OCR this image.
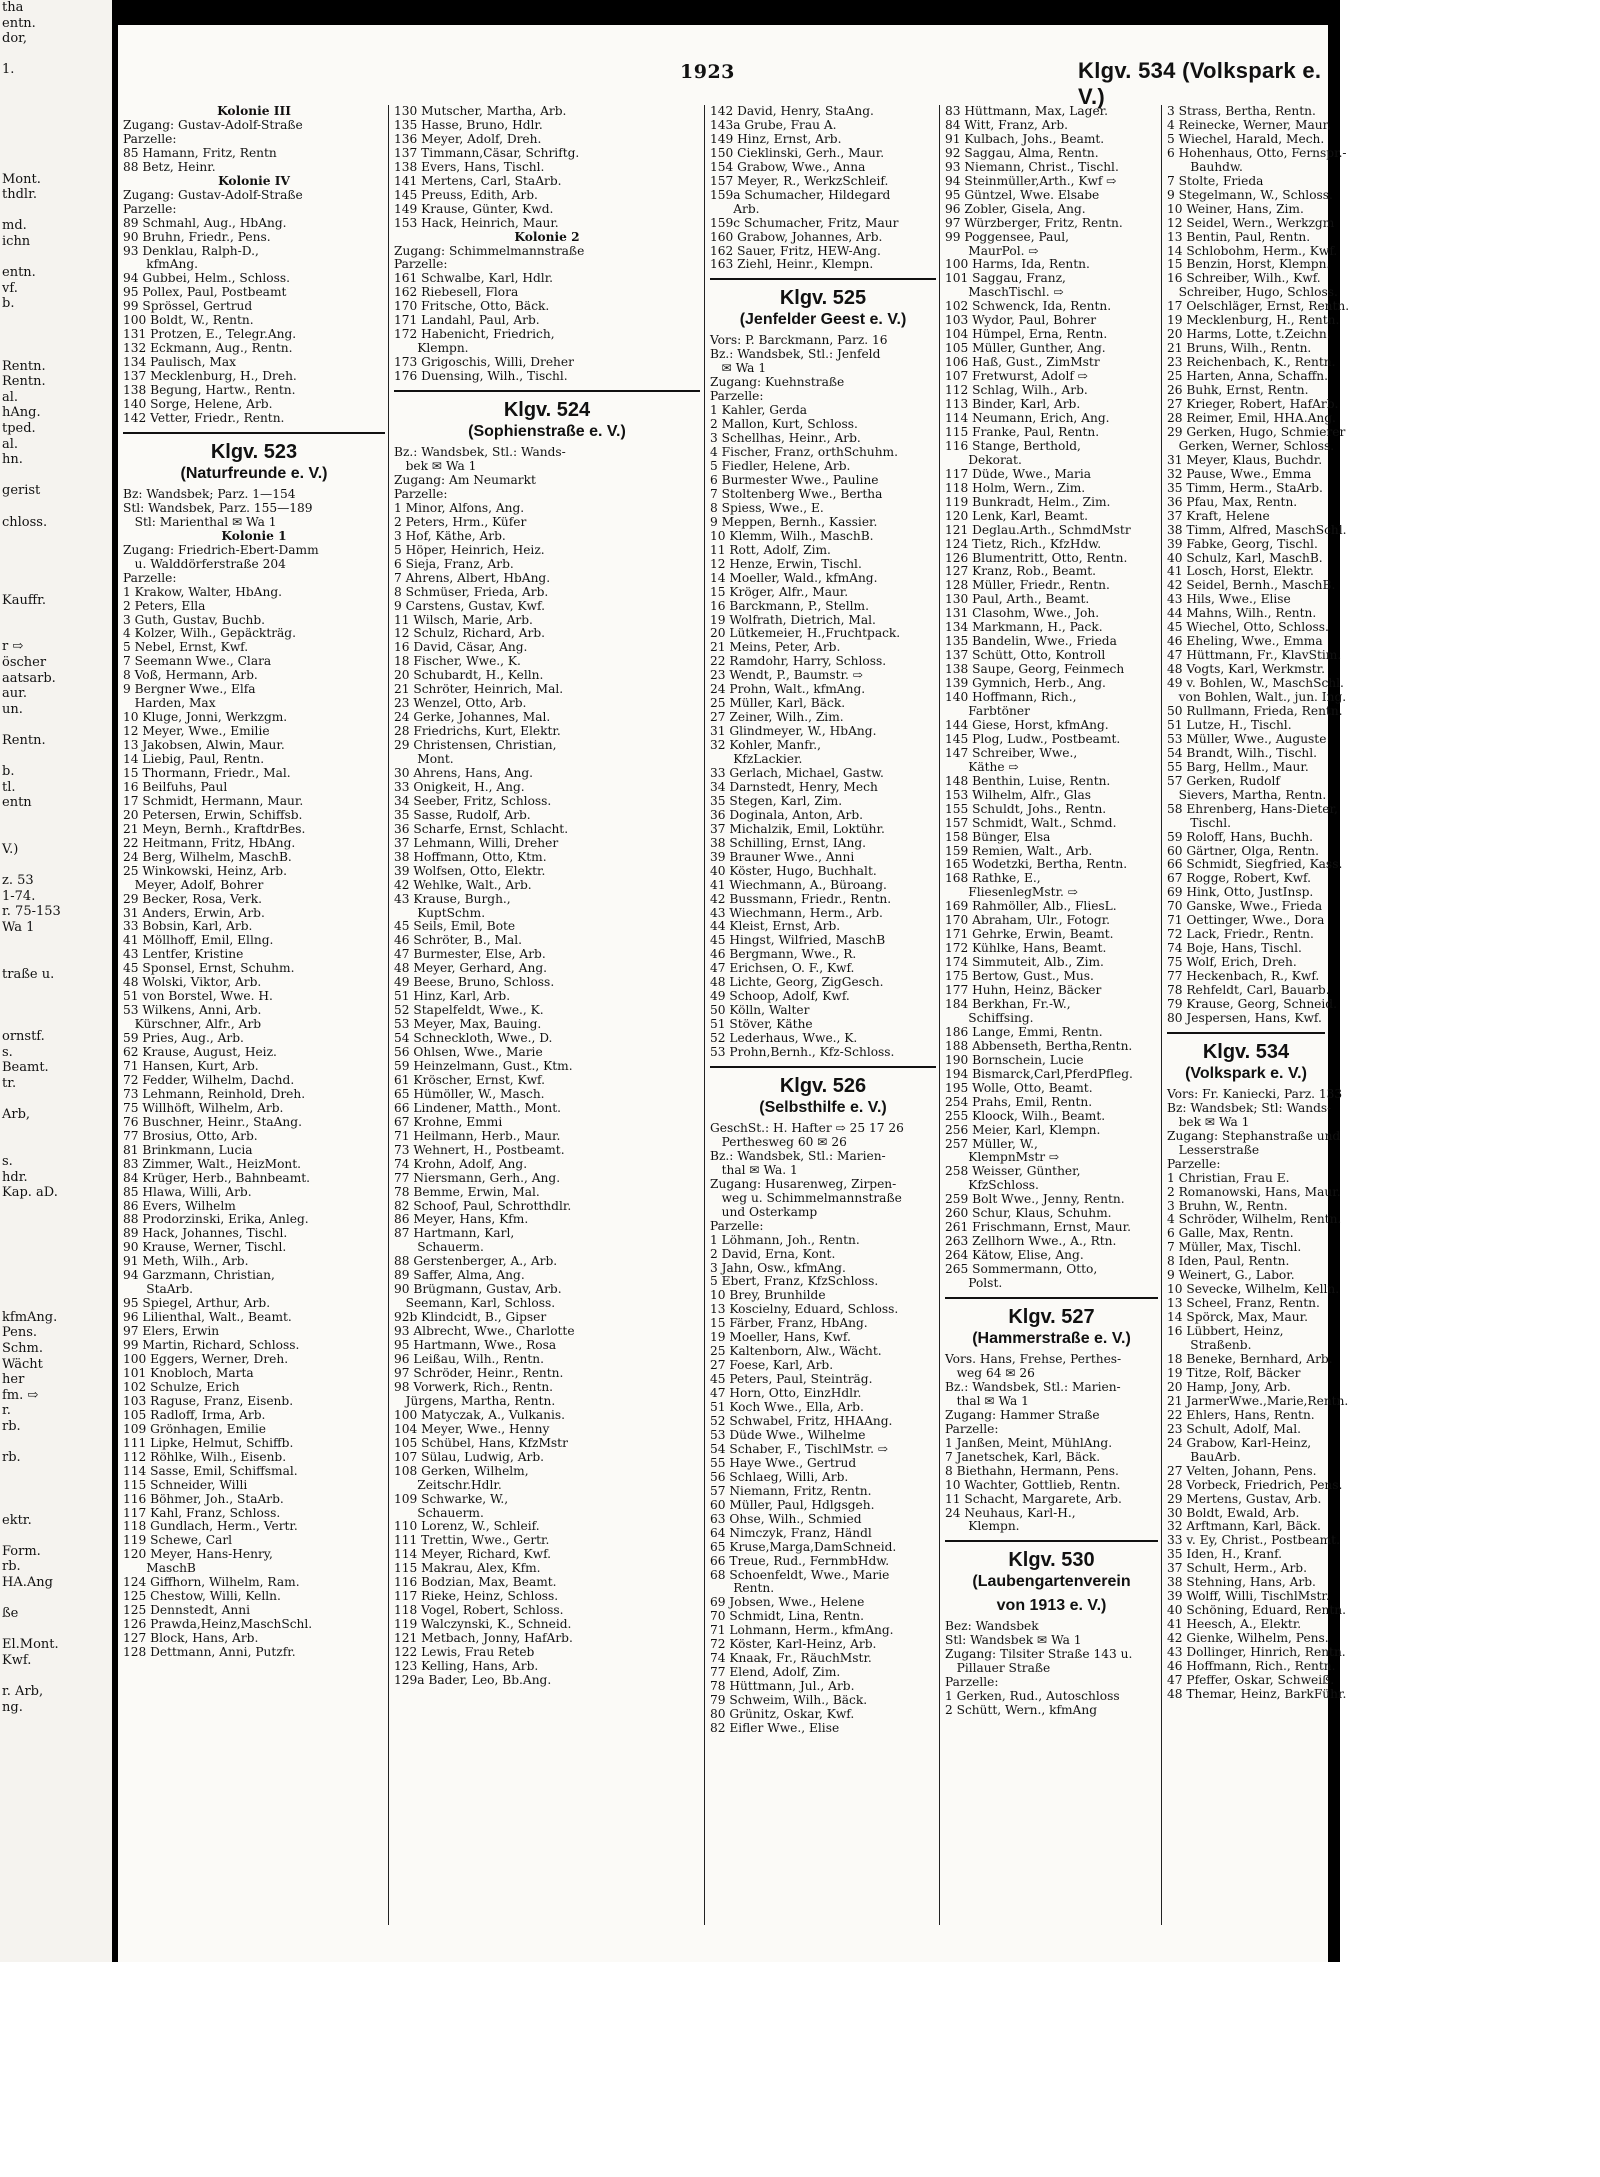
tha
entn.
dor,

1.

Mont.
thdlr.

md.
ichn

entn.
vf.
b.

Rentn.
Rentn.
al.
hAng.
tped.
al.
hn.

gerist

chloss.

Kauffr.

r ⇨
öscher
aatsarb.
aur.
un.

Rentn.

b.
tl.
entn

V.)

z. 53
1-74.
r. 75-153
Wa 1

traße u.

ornstf.
s.
Beamt.
tr.

Arb,

s.
hdr.
Kap. aD.

kfmAng.
Pens.
Schm.
Wächt
her
fm. ⇨
r.
rb.

rb.

ektr.

Form.
rb.
HA.Ang

ße

El.Mont.
Kwf.

r. Arb,
ng.
1923	Klgv. 534 (Volkspark e. V.)
Kolonie III
Zugang: Gustav-Adolf-Straße
Parzelle:
85 Hamann, Fritz, Rentn
88 Betz, Heinr.
Kolonie IV
Zugang: Gustav-Adolf-Straße
Parzelle:
89 Schmahl, Aug., HbAng.
90 Bruhn, Friedr., Pens.
93 Denklau, Ralph-D.,
kfmAng.
94 Gubbei, Helm., Schloss.
95 Pollex, Paul, Postbeamt
99 Sprössel, Gertrud
100 Boldt, W., Rentn.
131 Protzen, E., Telegr.Ang.
132 Eckmann, Aug., Rentn.
134 Paulisch, Max
137 Mecklenburg, H., Dreh.
138 Begung, Hartw., Rentn.
140 Sorge, Helene, Arb.
142 Vetter, Friedr., Rentn.
Klgv. 523
(Naturfreunde e. V.)
Bz: Wandsbek; Parz. 1—154
Stl: Wandsbek, Parz. 155—189
Stl: Marienthal ✉ Wa 1
Kolonie 1
Zugang: Friedrich-Ebert-Damm
u. Walddörferstraße 204
Parzelle:
1 Krakow, Walter, HbAng.
2 Peters, Ella
3 Guth, Gustav, Buchb.
4 Kolzer, Wilh., Gepäckträg.
5 Nebel, Ernst, Kwf.
7 Seemann Wwe., Clara
8 Voß, Hermann, Arb.
9 Bergner Wwe., Elfa
Harden, Max
10 Kluge, Jonni, Werkzgm.
12 Meyer, Wwe., Emilie
13 Jakobsen, Alwin, Maur.
14 Liebig, Paul, Rentn.
15 Thormann, Friedr., Mal.
16 Beilfuhs, Paul
17 Schmidt, Hermann, Maur.
20 Petersen, Erwin, Schiffsb.
21 Meyn, Bernh., KraftdrBes.
22 Heitmann, Fritz, HbAng.
24 Berg, Wilhelm, MaschB.
25 Winkowski, Heinz, Arb.
Meyer, Adolf, Bohrer
29 Becker, Rosa, Verk.
31 Anders, Erwin, Arb.
33 Bobsin, Karl, Arb.
41 Möllhoff, Emil, Ellng.
43 Lentfer, Kristine
45 Sponsel, Ernst, Schuhm.
48 Wolski, Viktor, Arb.
51 von Borstel, Wwe. H.
53 Wilkens, Anni, Arb.
Kürschner, Alfr., Arb
59 Pries, Aug., Arb.
62 Krause, August, Heiz.
71 Hansen, Kurt, Arb.
72 Fedder, Wilhelm, Dachd.
73 Lehmann, Reinhold, Dreh.
75 Willhöft, Wilhelm, Arb.
76 Buschner, Heinr., StaAng.
77 Brosius, Otto, Arb.
81 Brinkmann, Lucia
83 Zimmer, Walt., HeizMont.
84 Krüger, Herb., Bahnbeamt.
85 Hlawa, Willi, Arb.
86 Evers, Wilhelm
88 Prodorzinski, Erika, Anleg.
89 Hack, Johannes, Tischl.
90 Krause, Werner, Tischl.
91 Meth, Wilh., Arb.
94 Garzmann, Christian,
StaArb.
95 Spiegel, Arthur, Arb.
96 Lilienthal, Walt., Beamt.
97 Elers, Erwin
99 Martin, Richard, Schloss.
100 Eggers, Werner, Dreh.
101 Knobloch, Marta
102 Schulze, Erich
103 Raguse, Franz, Eisenb.
105 Radloff, Irma, Arb.
109 Grönhagen, Emilie
111 Lipke, Helmut, Schiffb.
112 Röhlke, Wilh., Eisenb.
114 Sasse, Emil, Schiffsmal.
115 Schneider, Willi
116 Böhmer, Joh., StaArb.
117 Kahl, Franz, Schloss.
118 Gundlach, Herm., Vertr.
119 Schewe, Carl
120 Meyer, Hans-Henry,
MaschB
124 Giffhorn, Wilhelm, Ram.
125 Chestow, Willi, Kelln.
125 Dennstedt, Anni
126 Prawda,Heinz,MaschSchl.
127 Block, Hans, Arb.
128 Dettmann, Anni, Putzfr.
130 Mutscher, Martha, Arb.
135 Hasse, Bruno, Hdlr.
136 Meyer, Adolf, Dreh.
137 Timmann,Cäsar, Schriftg.
138 Evers, Hans, Tischl.
141 Mertens, Carl, StaArb.
145 Preuss, Edith, Arb.
149 Krause, Günter, Kwd.
153 Hack, Heinrich, Maur.
Kolonie 2
Zugang: Schimmelmannstraße
Parzelle:
161 Schwalbe, Karl, Hdlr.
162 Riebesell, Flora
170 Fritsche, Otto, Bäck.
171 Landahl, Paul, Arb.
172 Habenicht, Friedrich,
Klempn.
173 Grigoschis, Willi, Dreher
176 Duensing, Wilh., Tischl.
Klgv. 524
(Sophienstraße e. V.)
Bz.: Wandsbek, Stl.: Wands-
bek ✉ Wa 1
Zugang: Am Neumarkt
Parzelle:
1 Minor, Alfons, Ang.
2 Peters, Hrm., Küfer
3 Hof, Käthe, Arb.
5 Höper, Heinrich, Heiz.
6 Sieja, Franz, Arb.
7 Ahrens, Albert, HbAng.
8 Schmüser, Frieda, Arb.
9 Carstens, Gustav, Kwf.
11 Wilsch, Marie, Arb.
12 Schulz, Richard, Arb.
16 David, Cäsar, Ang.
18 Fischer, Wwe., K.
20 Schubardt, H., Kelln.
21 Schröter, Heinrich, Mal.
23 Wenzel, Otto, Arb.
24 Gerke, Johannes, Mal.
28 Friedrichs, Kurt, Elektr.
29 Christensen, Christian,
Mont.
30 Ahrens, Hans, Ang.
33 Onigkeit, H., Ang.
34 Seeber, Fritz, Schloss.
35 Sasse, Rudolf, Arb.
36 Scharfe, Ernst, Schlacht.
37 Lehmann, Willi, Dreher
38 Hoffmann, Otto, Ktm.
39 Wolfsen, Otto, Elektr.
42 Wehlke, Walt., Arb.
43 Krause, Burgh.,
KuptSchm.
45 Seils, Emil, Bote
46 Schröter, B., Mal.
47 Burmester, Else, Arb.
48 Meyer, Gerhard, Ang.
49 Beese, Bruno, Schloss.
51 Hinz, Karl, Arb.
52 Stapelfeldt, Wwe., K.
53 Meyer, Max, Bauing.
54 Schneckloth, Wwe., D.
56 Ohlsen, Wwe., Marie
59 Heinzelmann, Gust., Ktm.
61 Kröscher, Ernst, Kwf.
65 Hümöller, W., Masch.
66 Lindener, Matth., Mont.
67 Krohne, Emmi
71 Heilmann, Herb., Maur.
73 Wehnert, H., Postbeamt.
74 Krohn, Adolf, Ang.
77 Niersmann, Gerh., Ang.
78 Bemme, Erwin, Mal.
82 Schoof, Paul, Schrotthdlr.
86 Meyer, Hans, Kfm.
87 Hartmann, Karl,
Schauerm.
88 Gerstenberger, A., Arb.
89 Saffer, Alma, Ang.
90 Brügmann, Gustav, Arb.
Seemann, Karl, Schloss.
92b Klindcidt, B., Gipser
93 Albrecht, Wwe., Charlotte
95 Hartmann, Wwe., Rosa
96 Leißau, Wilh., Rentn.
97 Schröder, Heinr., Rentn.
98 Vorwerk, Rich., Rentn.
Jürgens, Martha, Rentn.
100 Matyczak, A., Vulkanis.
104 Meyer, Wwe., Henny
105 Schübel, Hans, KfzMstr
107 Sülau, Ludwig, Arb.
108 Gerken, Wilhelm,
Zeitschr.Hdlr.
109 Schwarke, W.,
Schauerm.
110 Lorenz, W., Schleif.
111 Trettin, Wwe., Gertr.
114 Meyer, Richard, Kwf.
115 Makrau, Alex, Kfm.
116 Bodzian, Max, Beamt.
117 Rieke, Heinz, Schloss.
118 Vogel, Robert, Schloss.
119 Walczynski, K., Schneid.
121 Metbach, Jonny, HafArb.
122 Lewis, Frau Reteb
123 Kelling, Hans, Arb.
129a Bader, Leo, Bb.Ang.
142 David, Henry, StaAng.
143a Grube, Frau A.
149 Hinz, Ernst, Arb.
150 Cieklinski, Gerh., Maur.
154 Grabow, Wwe., Anna
157 Meyer, R., WerkzSchleif.
159a Schumacher, Hildegard
Arb.
159c Schumacher, Fritz, Maur
160 Grabow, Johannes, Arb.
162 Sauer, Fritz, HEW-Ang.
163 Ziehl, Heinr., Klempn.
Klgv. 525
(Jenfelder Geest e. V.)
Vors: P. Barckmann, Parz. 16
Bz.: Wandsbek, Stl.: Jenfeld
✉ Wa 1
Zugang: Kuehnstraße
Parzelle:
1 Kahler, Gerda
2 Mallon, Kurt, Schloss.
3 Schellhas, Heinr., Arb.
4 Fischer, Franz, orthSchuhm.
5 Fiedler, Helene, Arb.
6 Burmester Wwe., Pauline
7 Stoltenberg Wwe., Bertha
8 Spiess, Wwe., E.
9 Meppen, Bernh., Kassier.
10 Klemm, Wilh., MaschB.
11 Rott, Adolf, Zim.
12 Henze, Erwin, Tischl.
14 Moeller, Wald., kfmAng.
15 Kröger, Alfr., Maur.
16 Barckmann, P., Stellm.
19 Wolfrath, Dietrich, Mal.
20 Lütkemeier, H.,Fruchtpack.
21 Meins, Peter, Arb.
22 Ramdohr, Harry, Schloss.
23 Wendt, P., Baumstr. ⇨
24 Prohn, Walt., kfmAng.
25 Müller, Karl, Bäck.
27 Zeiner, Wilh., Zim.
31 Glindmeyer, W., HbAng.
32 Kohler, Manfr.,
KfzLackier.
33 Gerlach, Michael, Gastw.
34 Darnstedt, Henry, Mech
35 Stegen, Karl, Zim.
36 Doginala, Anton, Arb.
37 Michalzik, Emil, Loktühr.
38 Schilling, Ernst, IAng.
39 Brauner Wwe., Anni
40 Köster, Hugo, Buchhalt.
41 Wiechmann, A., Büroang.
42 Bussmann, Friedr., Rentn.
43 Wiechmann, Herm., Arb.
44 Kleist, Ernst, Arb.
45 Hingst, Wilfried, MaschB
46 Bergmann, Wwe., R.
47 Erichsen, O. F., Kwf.
48 Lichte, Georg, ZigGesch.
49 Schoop, Adolf, Kwf.
50 Kölln, Walter
51 Stöver, Käthe
52 Lederhaus, Wwe., K.
53 Prohn,Bernh., Kfz-Schloss.
Klgv. 526
(Selbsthilfe e. V.)
GeschSt.: H. Hafter ⇨ 25 17 26
Perthesweg 60 ✉ 26
Bz.: Wandsbek, Stl.: Marien-
thal ✉ Wa. 1
Zugang: Husarenweg, Zirpen-
weg u. Schimmelmannstraße
und Osterkamp
Parzelle:
1 Löhmann, Joh., Rentn.
2 David, Erna, Kont.
3 Jahn, Osw., kfmAng.
5 Ebert, Franz, KfzSchloss.
10 Brey, Brunhilde
13 Koscielny, Eduard, Schloss.
15 Färber, Franz, HbAng.
19 Moeller, Hans, Kwf.
25 Kaltenborn, Alw., Wächt.
27 Foese, Karl, Arb.
45 Peters, Paul, Steinträg.
47 Horn, Otto, EinzHdlr.
51 Koch Wwe., Ella, Arb.
52 Schwabel, Fritz, HHAAng.
53 Düde Wwe., Wilhelme
54 Schaber, F., TischlMstr. ⇨
55 Haye Wwe., Gertrud
56 Schlaeg, Willi, Arb.
57 Niemann, Fritz, Rentn.
60 Müller, Paul, Hdlgsgeh.
63 Ohse, Wilh., Schmied
64 Nimczyk, Franz, Händl
65 Kruse,Marga,DamSchneid.
66 Treue, Rud., FernmbHdw.
68 Schoenfeldt, Wwe., Marie
Rentn.
69 Jobsen, Wwe., Helene
70 Schmidt, Lina, Rentn.
71 Lohmann, Herm., kfmAng.
72 Köster, Karl-Heinz, Arb.
74 Knaak, Fr., RäuchMstr.
77 Elend, Adolf, Zim.
78 Hüttmann, Jul., Arb.
79 Schweim, Wilh., Bäck.
80 Grünitz, Oskar, Kwf.
82 Eifler Wwe., Elise
83 Hüttmann, Max, Lager.
84 Witt, Franz, Arb.
91 Kulbach, Johs., Beamt.
92 Saggau, Alma, Rentn.
93 Niemann, Christ., Tischl.
94 Steinmüller,Arth., Kwf ⇨
95 Güntzel, Wwe. Elsabe
96 Zobler, Gisela, Ang.
97 Würzberger, Fritz, Rentn.
99 Poggensee, Paul,
MaurPol. ⇨
100 Harms, Ida, Rentn.
101 Saggau, Franz,
MaschTischl. ⇨
102 Schwenck, Ida, Rentn.
103 Wydor, Paul, Bohrer
104 Hümpel, Erna, Rentn.
105 Müller, Gunther, Ang.
106 Haß, Gust., ZimMstr
107 Fretwurst, Adolf ⇨
112 Schlag, Wilh., Arb.
113 Binder, Karl, Arb.
114 Neumann, Erich, Ang.
115 Franke, Paul, Rentn.
116 Stange, Berthold,
Dekorat.
117 Düde, Wwe., Maria
118 Holm, Wern., Zim.
119 Bunkradt, Helm., Zim.
120 Lenk, Karl, Beamt.
121 Deglau.Arth., SchmdMstr
124 Tietz, Rich., KfzHdw.
126 Blumentritt, Otto, Rentn.
127 Kranz, Rob., Beamt.
128 Müller, Friedr., Rentn.
130 Paul, Arth., Beamt.
131 Clasohm, Wwe., Joh.
134 Markmann, H., Pack.
135 Bandelin, Wwe., Frieda
137 Schütt, Otto, Kontroll
138 Saupe, Georg, Feinmech
139 Gymnich, Herb., Ang.
140 Hoffmann, Rich.,
Farbtöner
144 Giese, Horst, kfmAng.
145 Plog, Ludw., Postbeamt.
147 Schreiber, Wwe.,
Käthe ⇨
148 Benthin, Luise, Rentn.
153 Wilhelm, Alfr., Glas
155 Schuldt, Johs., Rentn.
157 Schmidt, Walt., Schmd.
158 Bünger, Elsa
159 Remien, Walt., Arb.
165 Wodetzki, Bertha, Rentn.
168 Rathke, E.,
FliesenlegMstr. ⇨
169 Rahmöller, Alb., FliesL.
170 Abraham, Ulr., Fotogr.
171 Gehrke, Erwin, Beamt.
172 Kühlke, Hans, Beamt.
174 Simmuteit, Alb., Zim.
175 Bertow, Gust., Mus.
177 Huhn, Heinz, Bäcker
184 Berkhan, Fr.-W.,
Schiffsing.
186 Lange, Emmi, Rentn.
188 Abbenseth, Bertha,Rentn.
190 Bornschein, Lucie
194 Bismarck,Carl,PferdPfleg.
195 Wolle, Otto, Beamt.
254 Prahs, Emil, Rentn.
255 Kloock, Wilh., Beamt.
256 Meier, Karl, Klempn.
257 Müller, W.,
KlempnMstr ⇨
258 Weisser, Günther,
KfzSchloss.
259 Bolt Wwe., Jenny, Rentn.
260 Schur, Klaus, Schuhm.
261 Frischmann, Ernst, Maur.
263 Zellhorn Wwe., A., Rtn.
264 Kätow, Elise, Ang.
265 Sommermann, Otto,
Polst.
Klgv. 527
(Hammerstraße e. V.)
Vors. Hans, Frehse, Perthes-
weg 64 ✉ 26
Bz.: Wandsbek, Stl.: Marien-
thal ✉ Wa 1
Zugang: Hammer Straße
Parzelle:
1 Janßen, Meint, MühlAng.
7 Janetschek, Karl, Bäck.
8 Biethahn, Hermann, Pens.
10 Wachter, Gottlieb, Rentn.
11 Schacht, Margarete, Arb.
24 Neuhaus, Karl-H.,
Klempn.
Klgv. 530
(Laubengartenverein
von 1913 e. V.)
Bez: Wandsbek
Stl: Wandsbek ✉ Wa 1
Zugang: Tilsiter Straße 143 u.
Pillauer Straße
Parzelle:
1 Gerken, Rud., Autoschloss
2 Schütt, Wern., kfmAng
3 Strass, Bertha, Rentn.
4 Reinecke, Werner, Maur.
5 Wiechel, Harald, Mech.
6 Hohenhaus, Otto, Fernspr.-
Bauhdw.
7 Stolte, Frieda
9 Stegelmann, W., Schloss.
10 Weiner, Hans, Zim.
12 Seidel, Wern., Werkzgm
13 Bentin, Paul, Rentn.
14 Schlobohm, Herm., Kwf.
15 Benzin, Horst, Klempn.
16 Schreiber, Wilh., Kwf.
Schreiber, Hugo, Schloss.
17 Oelschläger, Ernst, Rentn.
19 Mecklenburg, H., Rentn.
20 Harms, Lotte, t.Zeichn.
21 Bruns, Wilh., Rentn.
23 Reichenbach, K., Rentn.
25 Harten, Anna, Schaffn.
26 Buhk, Ernst, Rentn.
27 Krieger, Robert, HafArb.
28 Reimer, Emil, HHA.Ang.
29 Gerken, Hugo, Schmierer
Gerken, Werner, Schloss.
31 Meyer, Klaus, Buchdr.
32 Pause, Wwe., Emma
35 Timm, Herm., StaArb.
36 Pfau, Max, Rentn.
37 Kraft, Helene
38 Timm, Alfred, MaschSchl.
39 Fabke, Georg, Tischl.
40 Schulz, Karl, MaschB.
41 Losch, Horst, Elektr.
42 Seidel, Bernh., MaschB.
43 Hils, Wwe., Elise
44 Mahns, Wilh., Rentn.
45 Wiechel, Otto, Schloss.
46 Eheling, Wwe., Emma
47 Hüttmann, Fr., KlavStim.
48 Vogts, Karl, Werkmstr.
49 v. Bohlen, W., MaschSchl.
von Bohlen, Walt., jun. Ing.
50 Rullmann, Frieda, Rentn.
51 Lutze, H., Tischl.
53 Müller, Wwe., Auguste
54 Brandt, Wilh., Tischl.
55 Barg, Hellm., Maur.
57 Gerken, Rudolf
Sievers, Martha, Rentn.
58 Ehrenberg, Hans-Dieter,
Tischl.
59 Roloff, Hans, Buchh.
60 Gärtner, Olga, Rentn.
66 Schmidt, Siegfried, Kass.
67 Rogge, Robert, Kwf.
69 Hink, Otto, JustInsp.
70 Ganske, Wwe., Frieda
71 Oettinger, Wwe., Dora
72 Lack, Friedr., Rentn.
74 Boje, Hans, Tischl.
75 Wolf, Erich, Dreh.
77 Heckenbach, R., Kwf.
78 Rehfeldt, Carl, Bauarb.
79 Krause, Georg, Schneid.
80 Jespersen, Hans, Kwf.
Klgv. 534
(Volkspark e. V.)
Vors: Fr. Kaniecki, Parz. 133
Bz: Wandsbek; Stl: Wands-
bek ✉ Wa 1
Zugang: Stephanstraße und
Lesserstraße
Parzelle:
1 Christian, Frau E.
2 Romanowski, Hans, Maur.
3 Bruhn, W., Rentn.
4 Schröder, Wilhelm, Rentn.
6 Galle, Max, Rentn.
7 Müller, Max, Tischl.
8 Iden, Paul, Rentn.
9 Weinert, G., Labor.
10 Sevecke, Wilhelm, Kelln.
13 Scheel, Franz, Rentn.
14 Spörck, Max, Maur.
16 Lübbert, Heinz,
Straßenb.
18 Beneke, Bernhard, Arb.
19 Titze, Rolf, Bäcker
20 Hamp, Jony, Arb.
21 JarmerWwe.,Marie,Rentn.
22 Ehlers, Hans, Rentn.
23 Schult, Adolf, Mal.
24 Grabow, Karl-Heinz,
BauArb.
27 Velten, Johann, Pens.
28 Vorbeck, Friedrich, Pens.
29 Mertens, Gustav, Arb.
30 Boldt, Ewald, Arb.
32 Arftmann, Karl, Bäck.
33 v. Ey, Christ., Postbeamt.
35 Iden, H., Kranf.
37 Schult, Herm., Arb.
38 Stehning, Hans, Arb.
39 Wolff, Willi, TischlMstr.
40 Schöning, Eduard, Rentn.
41 Heesch, A., Elektr.
42 Gienke, Wilhelm, Pens.
43 Dollinger, Hinrich, Rentn.
46 Hoffmann, Rich., Rentn.
47 Pfeffer, Oskar, Schweiß.
48 Themar, Heinz, BarkFühr.
